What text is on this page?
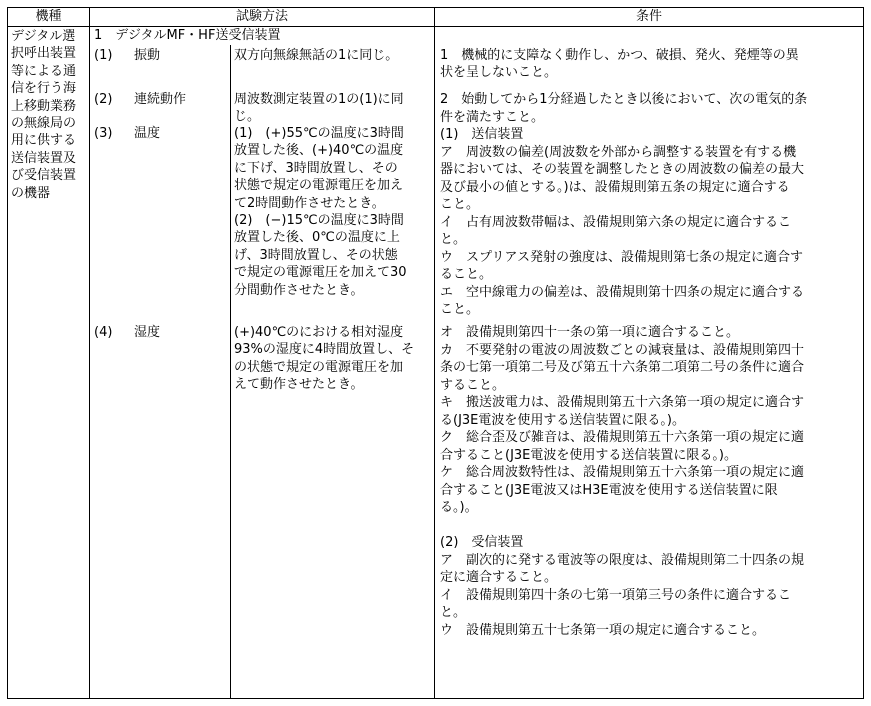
機種	試験方法	条件
デジタル選
択呼出装置
等による通
信を行う海
上移動業務
の無線局の
用に供する
送信装置及
び受信装置
の機器
1　デジタルMF・HF送受信装置
(1) 振動
(2) 連続動作
(3) 温度
(4) 湿度
双方向無線無話の1に同じ。
周波数測定装置の1の(1)に同
じ。
(1)　(+)55℃の温度に3時間
放置した後、(+)40℃の温度
に下げ、3時間放置し、その
状態で規定の電源電圧を加え
て2時間動作させたとき。
(2)　(−)15℃の温度に3時間
放置した後、0℃の温度に上
げ、3時間放置し、その状態
で規定の電源電圧を加えて30
分間動作させたとき。
(+)40℃のにおける相対湿度
93%の湿度に4時間放置し、そ
の状態で規定の電源電圧を加
えて動作させたとき。
1　機械的に支障なく動作し、かつ、破損、発火、発煙等の異
状を呈しないこと。
2　始動してから1分経過したとき以後において、次の電気的条
件を満たすこと。
(1)　送信装置
ア　周波数の偏差(周波数を外部から調整する装置を有する機
器においては、その装置を調整したときの周波数の偏差の最大
及び最小の値とする。)は、設備規則第五条の規定に適合する
こと。
イ　占有周波数帯幅は、設備規則第六条の規定に適合するこ
と。
ウ　スプリアス発射の強度は、設備規則第七条の規定に適合す
ること。
エ　空中線電力の偏差は、設備規則第十四条の規定に適合する
こと。
オ　設備規則第四十一条の第一項に適合すること。
カ　不要発射の電波の周波数ごとの減衰量は、設備規則第四十
条の七第一項第二号及び第五十六条第二項第二号の条件に適合
すること。
キ　搬送波電力は、設備規則第五十六条第一項の規定に適合す
る(J3E電波を使用する送信装置に限る。)。
ク　総合歪及び雑音は、設備規則第五十六条第一項の規定に適
合すること(J3E電波を使用する送信装置に限る。)。
ケ　総合周波数特性は、設備規則第五十六条第一項の規定に適
合すること(J3E電波又はH3E電波を使用する送信装置に限
る。)。
(2)　受信装置
ア　副次的に発する電波等の限度は、設備規則第二十四条の規
定に適合すること。
イ　設備規則第四十条の七第一項第三号の条件に適合するこ
と。
ウ　設備規則第五十七条第一項の規定に適合すること。
